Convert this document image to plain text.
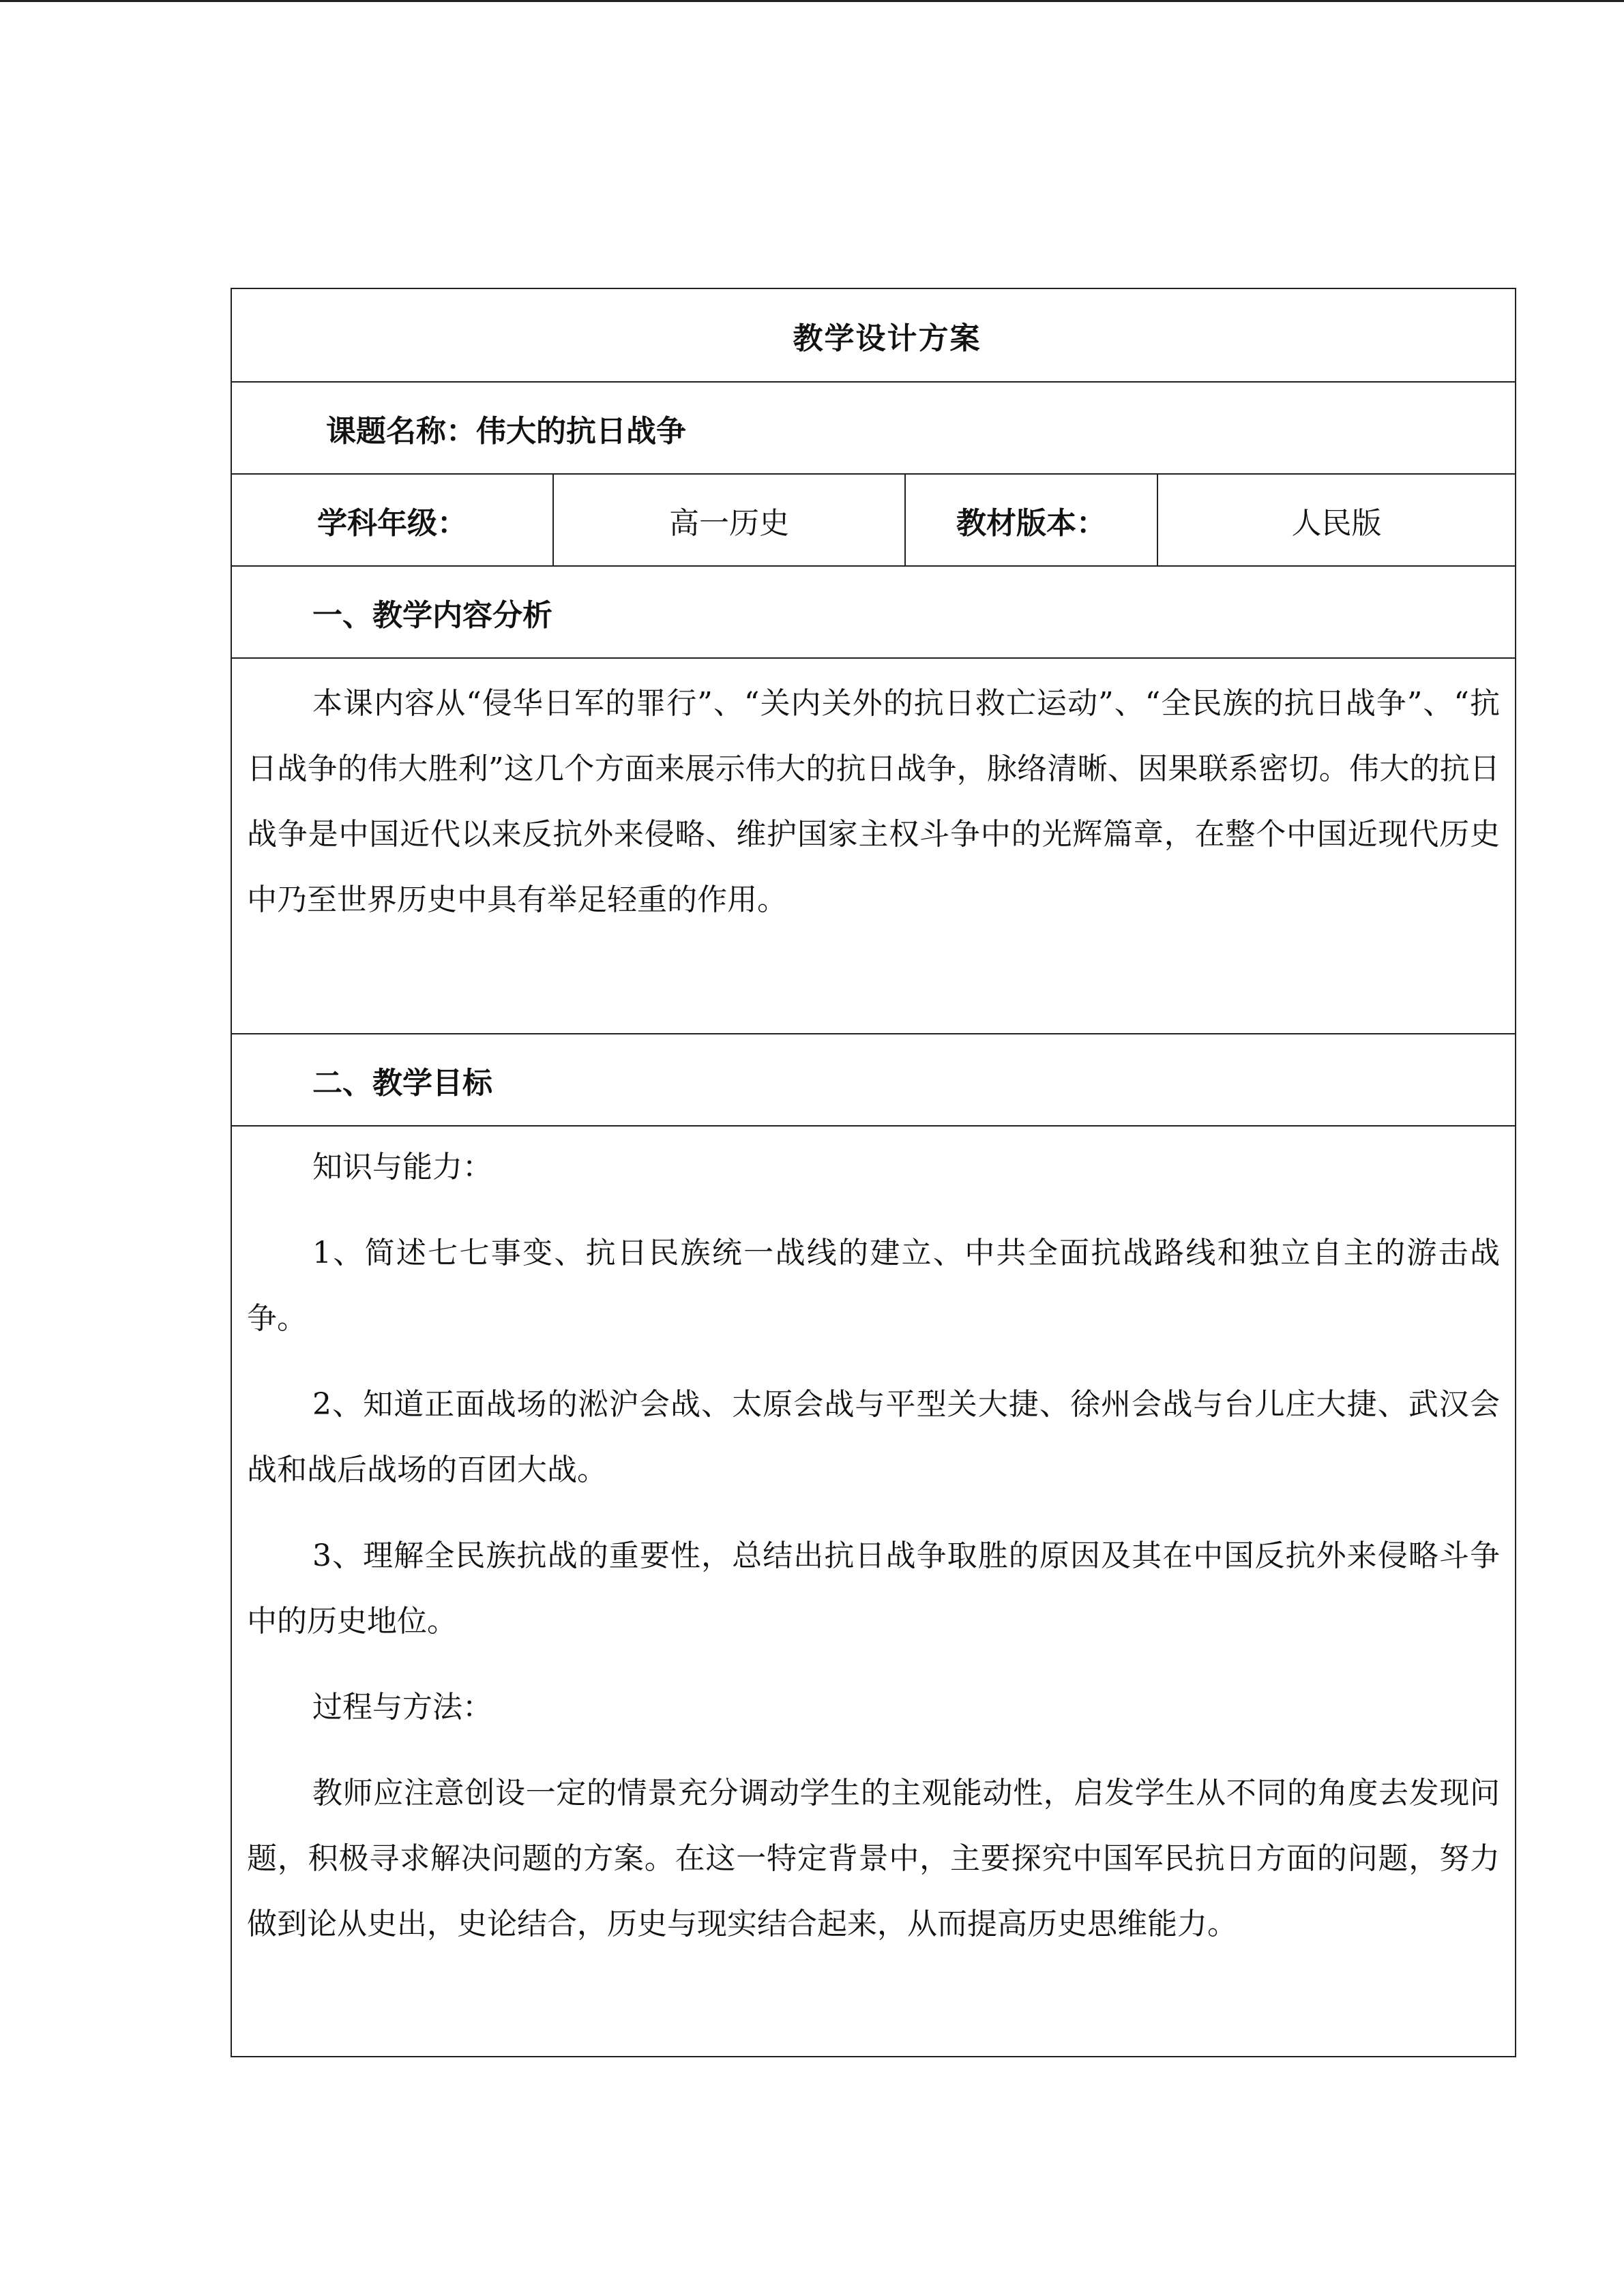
教学设计方案
课题名称：伟大的抗日战争
学科年级：	高一历史	教材版本：	人民版
一、教学内容分析

本课内容从“侵华日军的罪行”、“关内关外的抗日救亡运动”、“全民族的抗日战争”、“抗日战争的伟大胜利”这几个方面来展示伟大的抗日战争，脉络清晰、因果联系密切。伟大的抗日战争是中国近代以来反抗外来侵略、维护国家主权斗争中的光辉篇章，在整个中国近现代历史中乃至世界历史中具有举足轻重的作用。

二、教学目标

知识与能力：

1、简述七七事变、抗日民族统一战线的建立、中共全面抗战路线和独立自主的游击战争。

2、知道正面战场的淞沪会战、太原会战与平型关大捷、徐州会战与台儿庄大捷、武汉会战和战后战场的百团大战。

3、理解全民族抗战的重要性，总结出抗日战争取胜的原因及其在中国反抗外来侵略斗争中的历史地位。

过程与方法：

教师应注意创设一定的情景充分调动学生的主观能动性，启发学生从不同的角度去发现问题，积极寻求解决问题的方案。在这一特定背景中，主要探究中国军民抗日方面的问题，努力做到论从史出，史论结合，历史与现实结合起来，从而提高历史思维能力。
